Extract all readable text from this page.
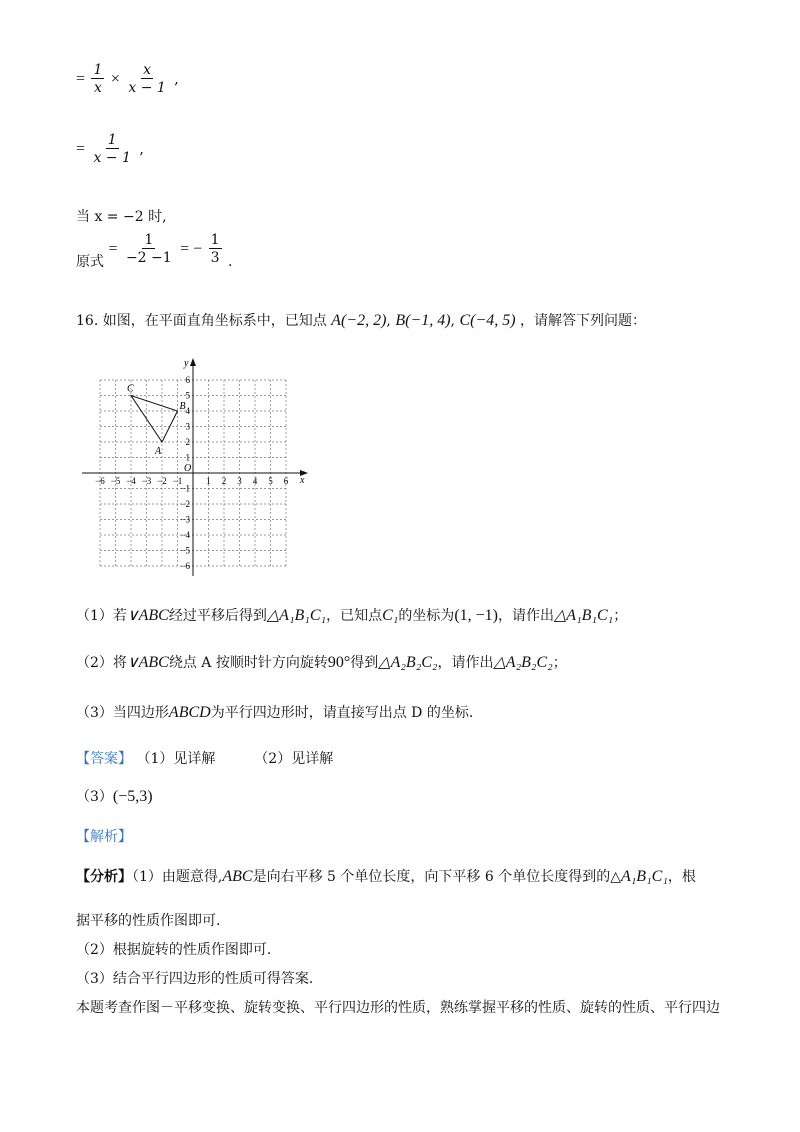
= $\frac{1}{x} \times \frac{x}{x - 1}$ ,
= $\frac{1}{x - 1}$ ,
当 x = −2 时,
原式 = $\frac{1}{-2 -1}$ = − $\frac{1}{3}$ .
16. 如图，在平面直角坐标系中，已知点 A(−2, 2), B(−1, 4), C(−4, 5) ，请解答下列问题：
x
y
O
−6 −5 −4 −3 −2 −1	1 2 3 4 5 6
6
5
4
3
2
1
−1
−2
−3
−4
−5
−6
A
B
C
（1）若∨ABC经过平移后得到△A₁B₁C₁，已知点C₁的坐标为(1, −1)，请作出△A₁B₁C₁；
（2）将∨ABC绕点 A 按顺时针方向旋转90°得到△A₂B₂C₂，请作出△A₂B₂C₂；
（3）当四边形ABCD为平行四边形时，请直接写出点 D 的坐标.
【答案】 （1）见详解	（2）见详解
（3）(−5,3)
【解析】
【分析】（1）由题意得,ABC是向右平移 5 个单位长度，向下平移 6 个单位长度得到的△A₁B₁C₁，根
据平移的性质作图即可.
（2）根据旋转的性质作图即可.
（3）结合平行四边形的性质可得答案.
本题考查作图－平移变换、旋转变换、平行四边形的性质，熟练掌握平移的性质、旋转的性质、平行四边
